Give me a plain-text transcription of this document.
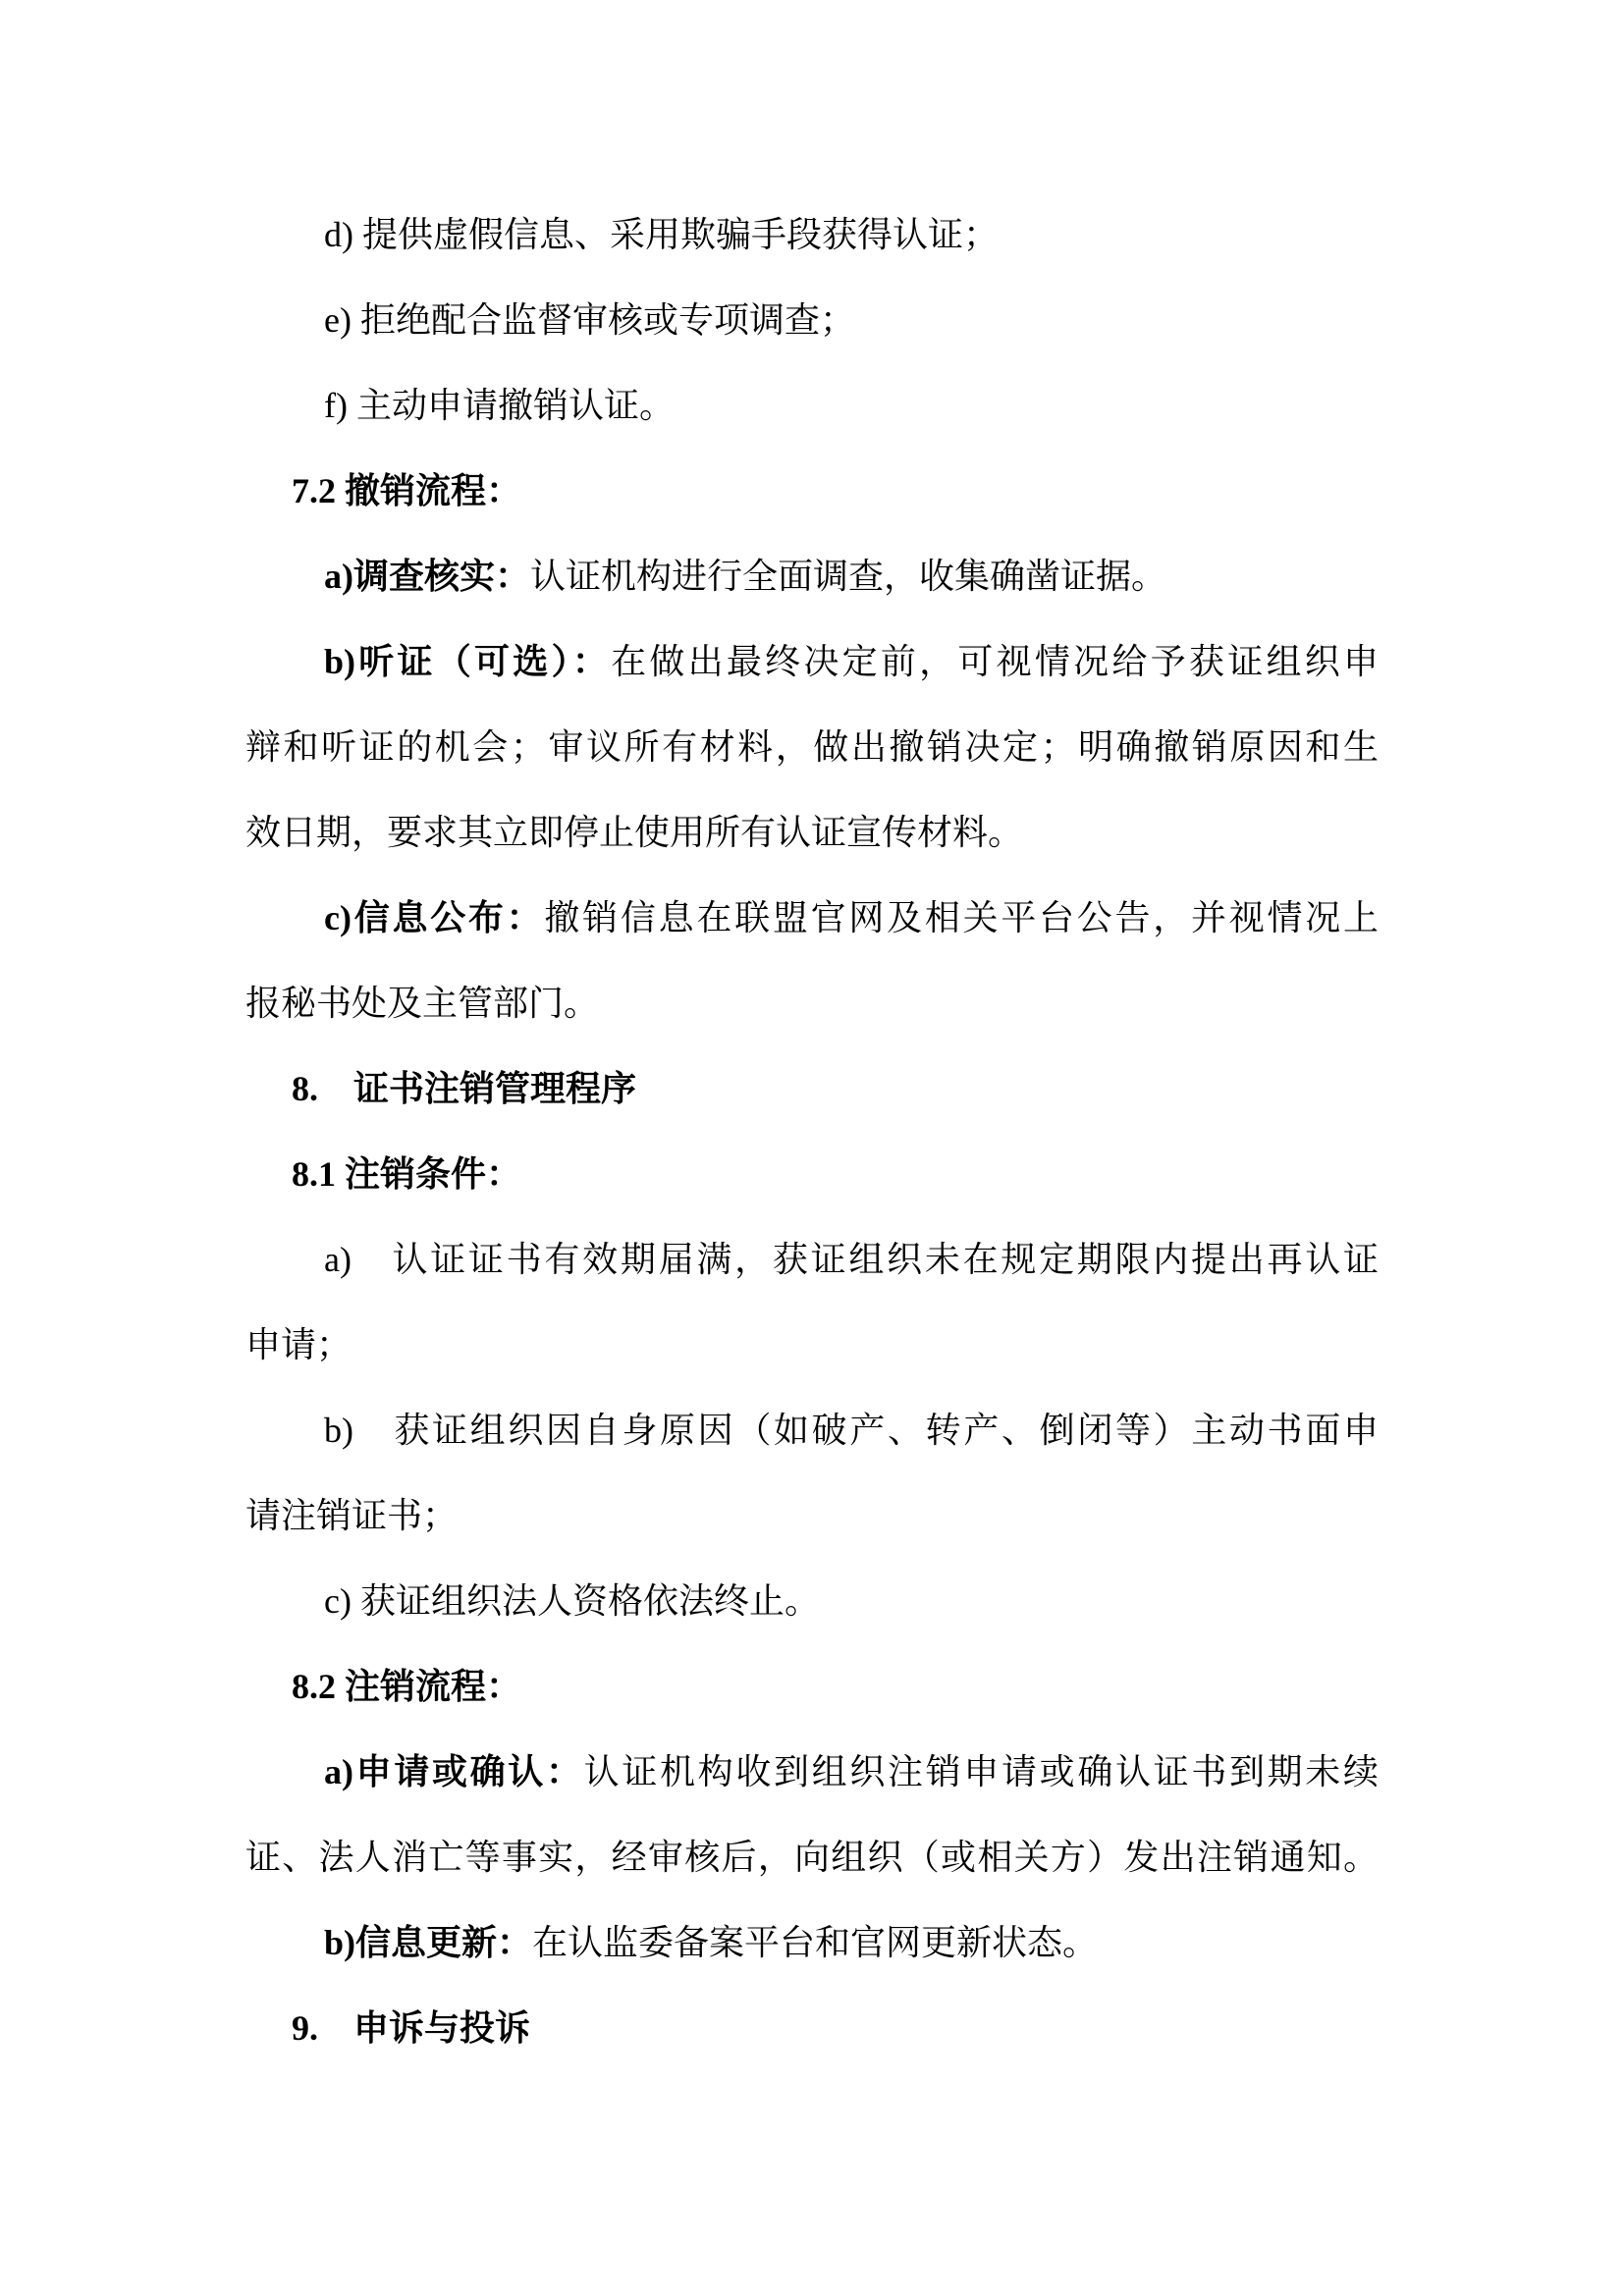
d) 提供虚假信息、采用欺骗手段获得认证；

e) 拒绝配合监督审核或专项调查；

f) 主动申请撤销认证。

7.2 撤销流程：

a)调查核实：认证机构进行全面调查，收集确凿证据。

b)听证（可选）：在做出最终决定前，可视情况给予获证组织申

辩和听证的机会；审议所有材料，做出撤销决定；明确撤销原因和生

效日期，要求其立即停止使用所有认证宣传材料。

c)信息公布：撤销信息在联盟官网及相关平台公告，并视情况上

报秘书处及主管部门。

8.　证书注销管理程序

8.1 注销条件：

a)　认证证书有效期届满，获证组织未在规定期限内提出再认证

申请；

b)　获证组织因自身原因（如破产、转产、倒闭等）主动书面申

请注销证书；

c) 获证组织法人资格依法终止。

8.2 注销流程：

a)申请或确认：认证机构收到组织注销申请或确认证书到期未续

证、法人消亡等事实，经审核后，向组织（或相关方）发出注销通知。

b)信息更新：在认监委备案平台和官网更新状态。

9.　申诉与投诉
